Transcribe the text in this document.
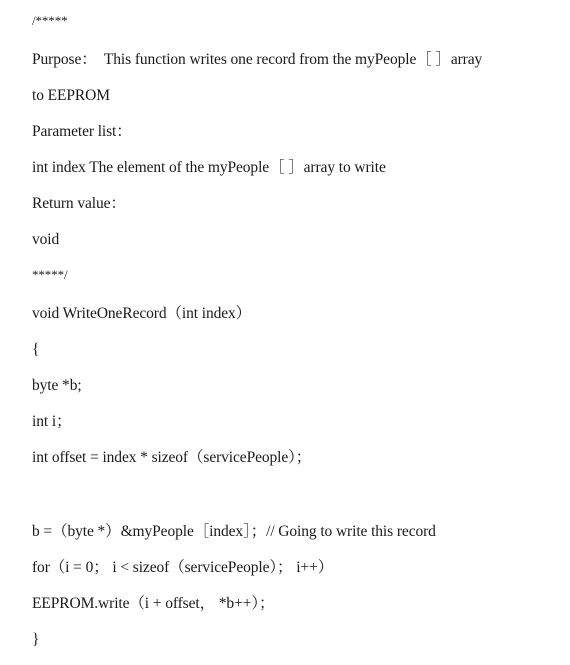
/*****
Purpose：  This function writes one record from the myPeople［ ］array
to EEPROM
Parameter list：
int index The element of the myPeople［ ］array to write
Return value：
void
*****/
void WriteOneRecord（int index）
{
byte *b;
int i；
int offset = index * sizeof（servicePeople）；
b =（byte *）&myPeople［index］；// Going to write this record
for（i = 0； i < sizeof（servicePeople）； i++）
EEPROM.write（i + offset， *b++）；
}
